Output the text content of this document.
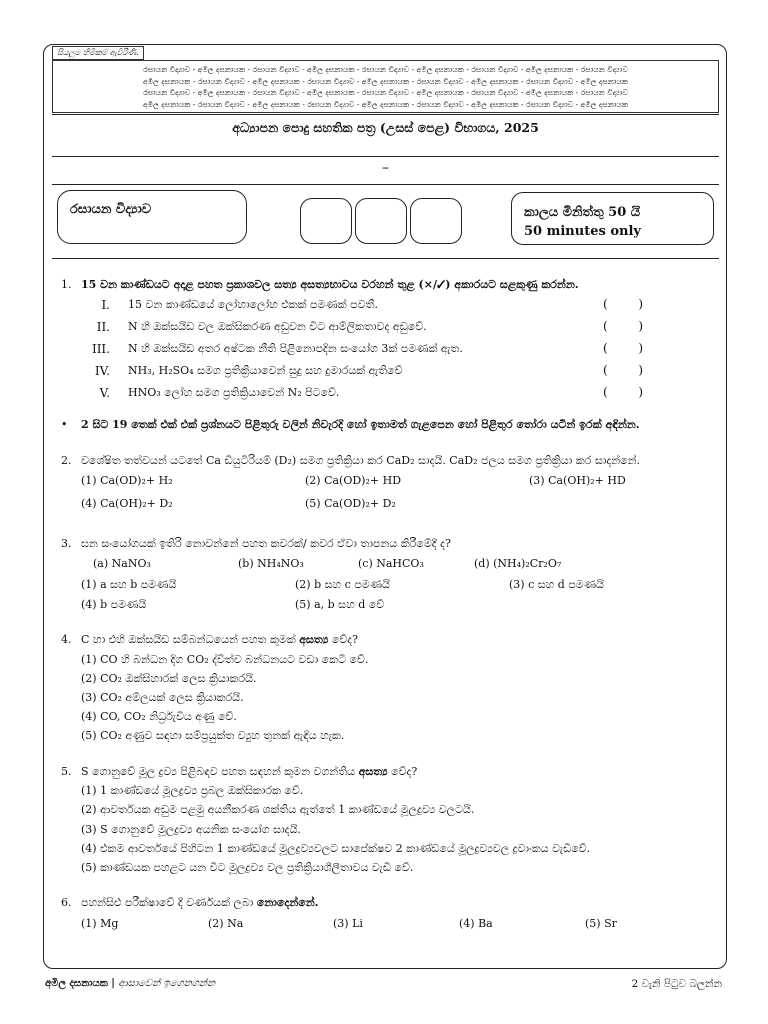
සියලුම හිමිකම් ඇවිරිණි.
රසායන විද්‍යාව - අමිල දසනායක - රසායන විද්‍යාව - අමිල දසනායක - රසායන විද්‍යාව - අමිල දසනායක - රසායන විද්‍යාව - අමිල දසනායක - රසායන විද්‍යාව
අමිල දසනායක - රසායන විද්‍යාව - අමිල දසනායක - රසායන විද්‍යාව - අමිල දසනායක - රසායන විද්‍යාව - අමිල දසනායක - රසායන විද්‍යාව - අමිල දසනායක
රසායන විද්‍යාව - අමිල දසනායක - රසායන විද්‍යාව - අමිල දසනායක - රසායන විද්‍යාව - අමිල දසනායක - රසායන විද්‍යාව - අමිල දසනායක - රසායන විද්‍යාව
අමිල දසනායක - රසායන විද්‍යාව - අමිල දසනායක - රසායන විද්‍යාව - අමිල දසනායක - රසායන විද්‍යාව - අමිල දසනායක - රසායන විද්‍යාව - අමිල දසනායක
අධ්‍යාපන පොදු සහතික පත්‍ර (උසස් පෙළ) විභාගය, 2025
–
රසායන විද්‍යාව	කාලය මිනිත්තු 50 යි
50 minutes only
1. 15 වන කාණ්ඩයට අදාළ පහත ප්‍රකාශවල සත්‍ය අසත්‍යභාවය වරහන් තුළ (×/✓) අකාරයට සළකුණු කරන්න.
I. 15 වන කාණ්ඩයේ ලෝහාලෝහ එකක් පමණක් පවතී.	(	)
II. N හි ඔක්සයිඩ වල ඔක්සිකරණ අඩුවන විට ආම්ලිකතාවද අඩුවේ.	(	)
III. N හි ඔක්සයිඩ අතර අෂ්ටක නීති පිළිනොපදින සංයෝග 3ක් පමණක් ඇත.	(	)
IV. NH₃, H₂SO₄ සමග ප්‍රතික්‍රියාවෙන් සුදු සහ දුමාරයක් ඇතිවේ	(	)
V. HNO₃ ලෝහ සමග ප්‍රතික්‍රියාවෙන් N₂ පිටවේ.	(	)
•	2 සිට 19 තෙක් එක් එක් ප්‍රශ්නයට පිළිතුරු වලින් නිවැරදි හෝ ඉතාමත් ගැළපෙන හෝ පිළිතුර තෝරා යටින් ඉරක් අඳින්න.
2. වශේෂිත තත්වයන් යටතේ Ca ඩියුටීරියම් (D₂) සමග ප්‍රතික්‍රියා කර CaD₂ සාදයි. CaD₂ ජලය සමග ප්‍රතික්‍රියා කර සාදන්නේ.
(1) Ca(OD)₂+ H₂	(2) Ca(OD)₂+ HD	(3) Ca(OH)₂+ HD
(4) Ca(OH)₂+ D₂	(5) Ca(OD)₂+ D₂
3. ඝන සංයෝගයක් ඉතිරි නොවන්නේ පහත කවරක්/ කවර ඒවා තාපනය කිරීමේදී ද?
(a) NaNO₃	(b) NH₄NO₃	(c) NaHCO₃	(d) (NH₄)₂Cr₂O₇
(1) a සහ b පමණයි	(2) b සහ c පමණයි	(3) c සහ d පමණයි
(4) b පමණයි	(5) a, b සහ d වේ
4. C හා එහි ඔක්සයිඩ සම්බන්ධයෙන් පහත කුමක් අසත්‍ය වේද?
(1) CO හි බන්ධන දිග CO₂ ද්විත්ව බන්ධනයට වඩා කෙටි වේ.
(2) CO₂ ඔක්සිහාරක් ලෙස ක්‍රියාකරයි.
(3) CO₂ අම්ලයක් ලෙස ක්‍රියාකරයි.
(4) CO, CO₂ නිර්ධ්‍රැවිය අණු වේ.
(5) CO₂ අණුව සඳහා සම්ප්‍රයුක්ත ව්‍යුහ තුනක් ඇඳිය හැක.
5. S ගොනුවේ මූල ද්‍රව්‍ය පිළිබඳව පහත සඳහන් කුමන වගන්තිය අසත්‍ය වේද?
(1) 1 කාණ්ඩයේ මූලද්‍රව්‍ය ප්‍රබල ඔක්සිකාරක වේ.
(2) ආවර්තයක අඩුම පළමු අයනීකරණ ශක්තිය ඇත්තේ 1 කාණ්ඩයේ මූලද්‍රව්‍ය වලටයි.
(3) S ගොනුවේ මූලද්‍රව්‍ය අයනික සංයෝග සාදයි.
(4) එකම ආවර්තයේ පිහිටන 1 කාණ්ඩයේ මූලද්‍රව්‍යවලට සාපේක්ෂව 2 කාණ්ඩයේ මූලද්‍රව්‍යවල ද්‍රවාංකය වැඩිවේ.
(5) කාණ්ඩයක පහළට යන විට මූලද්‍රව්‍ය වල ප්‍රතික්‍රියාශීලීතාවය වැඩි වේ.
6. පහන්සිළු පරීක්ෂාවේ දී වර්ණයක් ලබා නොදෙන්නේ.
(1) Mg	(2) Na	(3) Li	(4) Ba	(5) Sr
අමිල දසනායක | ආසාවෙන් ඉගෙනගන්න	2 වැනි පිටුව බලන්න
